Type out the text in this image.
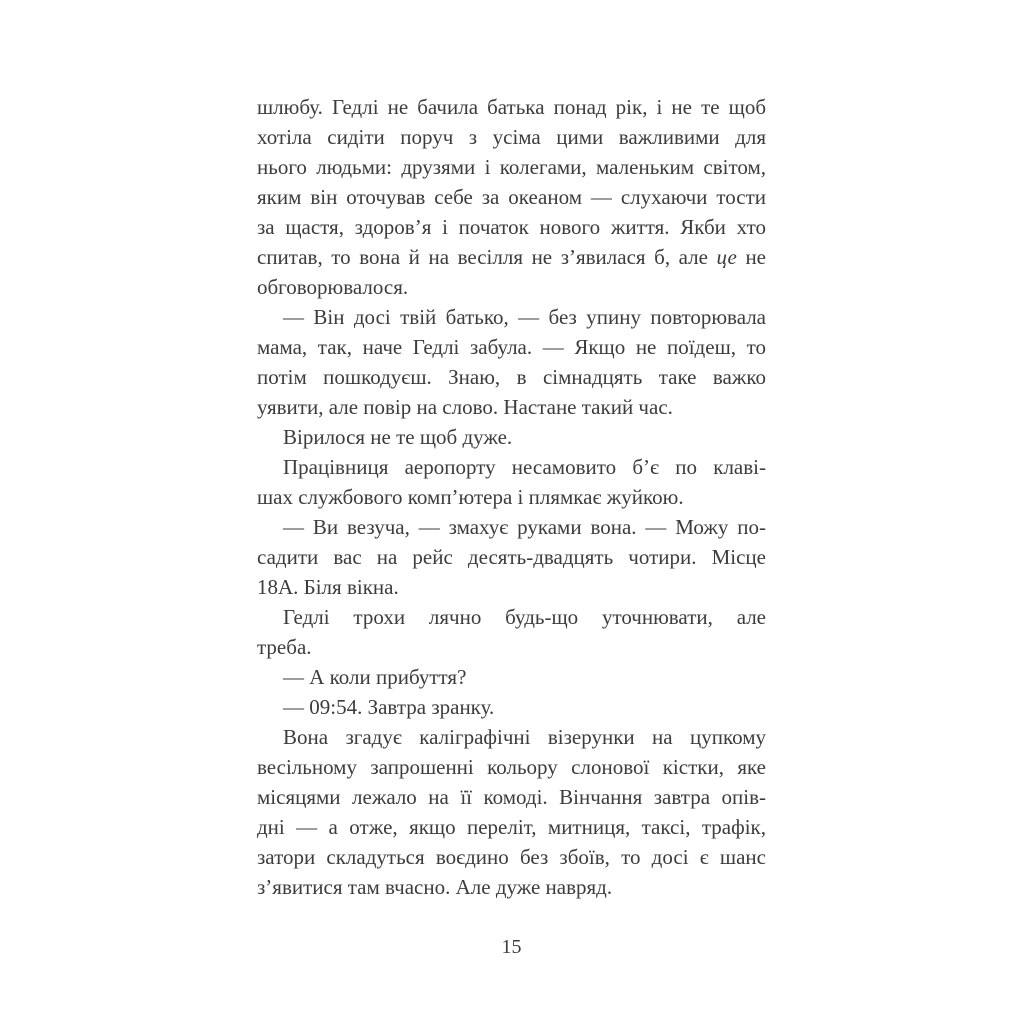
шлюбу. Гедлі не бачила батька понад рік, і не те щоб
хотіла сидіти поруч з усіма цими важливими для
нього людьми: друзями і колегами, маленьким світом,
яким він оточував себе за океаном — слухаючи тости
за щастя, здоров’я і початок нового життя. Якби хто
спитав, то вона й на весілля не з’явилася б, але це не
обговорювалося.
— Він досі твій батько, — без упину повторювала
мама, так, наче Гедлі забула. — Якщо не поїдеш, то
потім пошкодуєш. Знаю, в сімнадцять таке важко
уявити, але повір на слово. Настане такий час.
Вірилося не те щоб дуже.
Працівниця аеропорту несамовито б’є по клаві-
шах службового комп’ютера і плямкає жуйкою.
— Ви везуча, — змахує руками вона. — Можу по-
садити вас на рейс десять-двадцять чотири. Місце
18А. Біля вікна.
Гедлі трохи лячно будь-що уточнювати, але
треба.
— А коли прибуття?
— 09:54. Завтра зранку.
Вона згадує каліграфічні візерунки на цупкому
весільному запрошенні кольору слонової кістки, яке
місяцями лежало на її комоді. Вінчання завтра опів-
дні — а отже, якщо переліт, митниця, таксі, трафік,
затори складуться воєдино без збоїв, то досі є шанс
з’явитися там вчасно. Але дуже навряд.
15
